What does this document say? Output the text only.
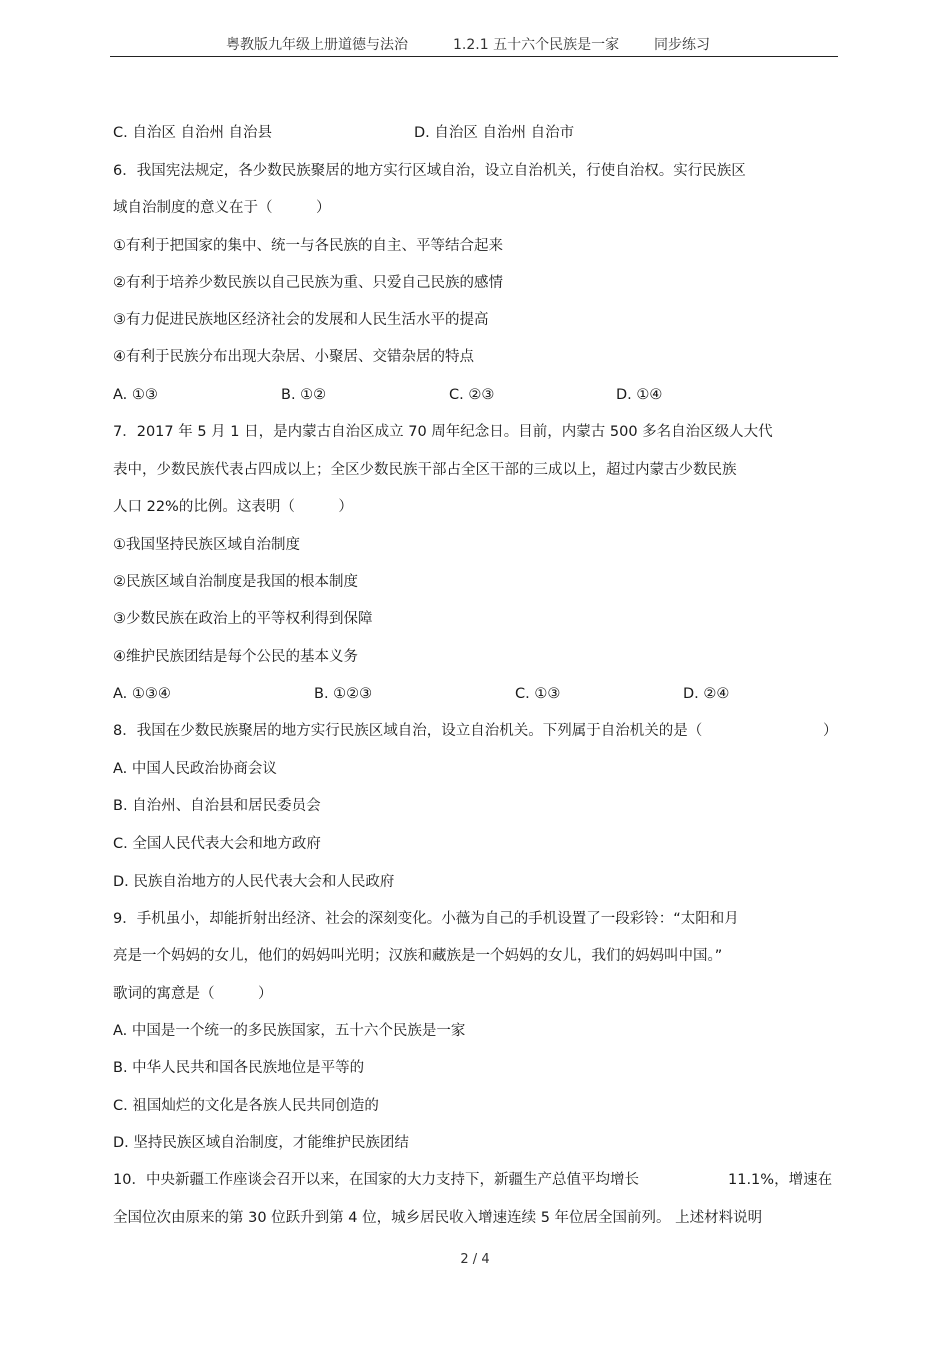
粤教版九年级上册道德与法治	1.2.1 五十六个民族是一家 同步练习
C. 自治区 自治州 自治县	D. 自治区 自治州 自治市
6．我国宪法规定，各少数民族聚居的地方实行区域自治，设立自治机关，行使自治权。实行民族区
域自治制度的意义在于（　　　）
①有利于把国家的集中、统一与各民族的自主、平等结合起来
②有利于培养少数民族以自己民族为重、只爱自己民族的感情
③有力促进民族地区经济社会的发展和人民生活水平的提高
④有利于民族分布出现大杂居、小聚居、交错杂居的特点
A. ①③	B. ①②	C. ②③	D. ①④
7．2017 年 5 月 1 日，是内蒙古自治区成立 70 周年纪念日。目前，内蒙古 500 多名自治区级人大代
表中，少数民族代表占四成以上；全区少数民族干部占全区干部的三成以上，超过内蒙古少数民族
人口 22%的比例。这表明（　　　）
①我国坚持民族区域自治制度
②民族区域自治制度是我国的根本制度
③少数民族在政治上的平等权利得到保障
④维护民族团结是每个公民的基本义务
A. ①③④	B. ①②③	C. ①③	D. ②④
8．我国在少数民族聚居的地方实行民族区域自治，设立自治机关。下列属于自治机关的是（	）
A. 中国人民政治协商会议
B. 自治州、自治县和居民委员会
C. 全国人民代表大会和地方政府
D. 民族自治地方的人民代表大会和人民政府
9．手机虽小，却能折射出经济、社会的深刻变化。小薇为自己的手机设置了一段彩铃：“太阳和月
亮是一个妈妈的女儿，他们的妈妈叫光明；汉族和藏族是一个妈妈的女儿，我们的妈妈叫中国。”
歌词的寓意是（　　　）
A. 中国是一个统一的多民族国家，五十六个民族是一家
B. 中华人民共和国各民族地位是平等的
C. 祖国灿烂的文化是各族人民共同创造的
D. 坚持民族区域自治制度，才能维护民族团结
10．中央新疆工作座谈会召开以来，在国家的大力支持下，新疆生产总值平均增长	11.1%，增速在
全国位次由原来的第 30 位跃升到第 4 位，城乡居民收入增速连续 5 年位居全国前列。 上述材料说明
2 / 4
